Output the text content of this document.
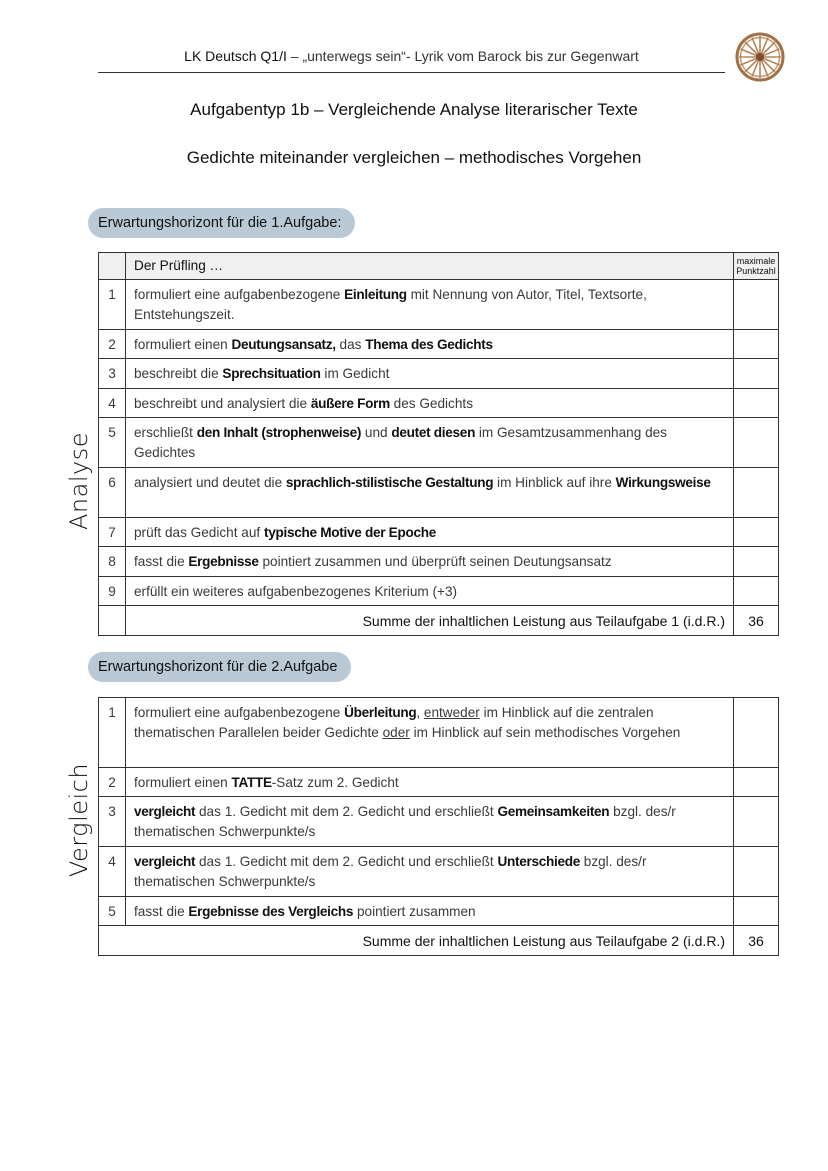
LK Deutsch Q1/I – „unterwegs sein“- Lyrik vom Barock bis zur Gegenwart
Aufgabentyp 1b – Vergleichende Analyse literarischer Texte
Gedichte miteinander vergleichen – methodisches Vorgehen
Erwartungshorizont für die 1.Aufgabe:
Analyse
	Der Prüfling …	maximale Punktzahl
1	formuliert eine aufgabenbezogene Einleitung mit Nennung von Autor, Titel, Textsorte, Entstehungszeit.	
2	formuliert einen Deutungsansatz, das Thema des Gedichts	
3	beschreibt die Sprechsituation im Gedicht	
4	beschreibt und analysiert die äußere Form des Gedichts	
5	erschließt den Inhalt (strophenweise) und deutet diesen im Gesamtzusammenhang des Gedichtes	
6	analysiert und deutet die sprachlich-stilistische Gestaltung im Hinblick auf ihre Wirkungsweise	
7	prüft das Gedicht auf typische Motive der Epoche	
8	fasst die Ergebnisse pointiert zusammen und überprüft seinen Deutungsansatz	
9	erfüllt ein weiteres aufgabenbezogenes Kriterium (+3)	
	Summe der inhaltlichen Leistung aus Teilaufgabe 1 (i.d.R.)	36
Erwartungshorizont für die 2.Aufgabe
Vergleich
1	formuliert eine aufgabenbezogene Überleitung, entweder im Hinblick auf die zentralen thematischen Parallelen beider Gedichte oder im Hinblick auf sein methodisches Vorgehen	
2	formuliert einen TATTE-Satz zum 2. Gedicht	
3	vergleicht das 1. Gedicht mit dem 2. Gedicht und erschließt Gemeinsamkeiten bzgl. des/r thematischen Schwerpunkte/s	
4	vergleicht das 1. Gedicht mit dem 2. Gedicht und erschließt Unterschiede bzgl. des/r thematischen Schwerpunkte/s	
5	fasst die Ergebnisse des Vergleichs pointiert zusammen	
Summe der inhaltlichen Leistung aus Teilaufgabe 2 (i.d.R.)		36
